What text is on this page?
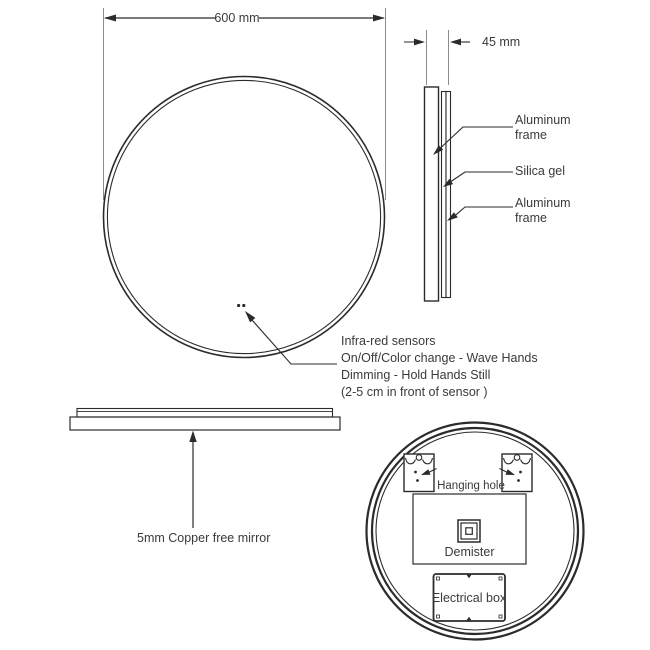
600 mm
45 mm
Aluminum frame
Silica gel
Aluminum frame
Infra-red sensors
On/Off/Color change - Wave Hands
Dimming - Hold Hands Still
(2-5 cm in front of sensor )
5mm Copper free mirror
Hanging hole
Demister
Electrical box
